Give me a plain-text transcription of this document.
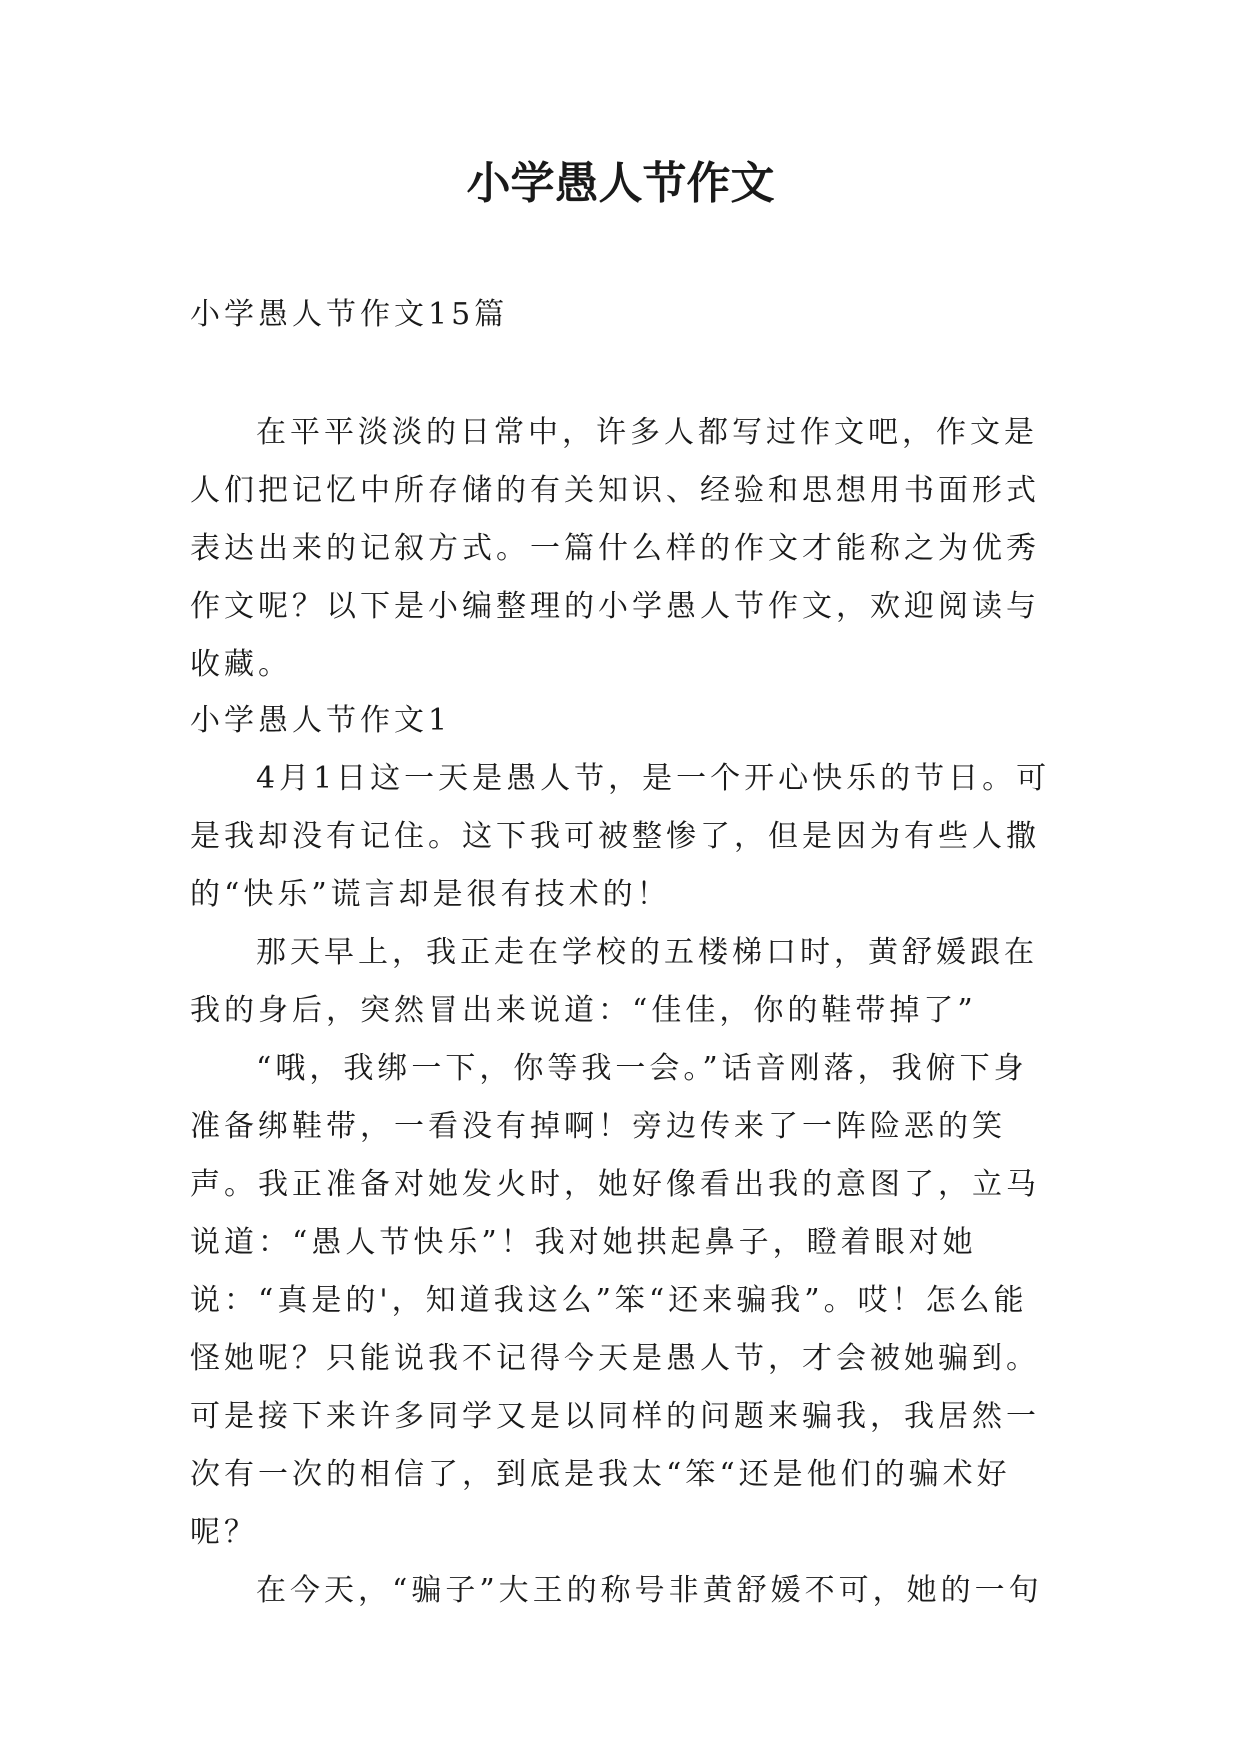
小学愚人节作文

小学愚人节作文15篇

在平平淡淡的日常中，许多人都写过作文吧，作文是人们把记忆中所存储的有关知识、经验和思想用书面形式表达出来的记叙方式。一篇什么样的作文才能称之为优秀作文呢？以下是小编整理的小学愚人节作文，欢迎阅读与收藏。

小学愚人节作文1

4月1日这一天是愚人节，是一个开心快乐的节日。可是我却没有记住。这下我可被整惨了，但是因为有些人撒的“快乐”谎言却是很有技术的！

那天早上，我正走在学校的五楼梯口时，黄舒媛跟在我的身后，突然冒出来说道：“佳佳，你的鞋带掉了”

“哦，我绑一下，你等我一会。”话音刚落，我俯下身准备绑鞋带，一看没有掉啊！旁边传来了一阵险恶的笑声。我正准备对她发火时，她好像看出我的意图了，立马说道：“愚人节快乐”！我对她拱起鼻子，瞪着眼对她说：“真是的'，知道我这么”笨“还来骗我”。哎！怎么能怪她呢？只能说我不记得今天是愚人节，才会被她骗到。可是接下来许多同学又是以同样的问题来骗我，我居然一次有一次的相信了，到底是我太“笨“还是他们的骗术好呢？

在今天，“骗子”大王的称号非黄舒媛不可，她的一句
